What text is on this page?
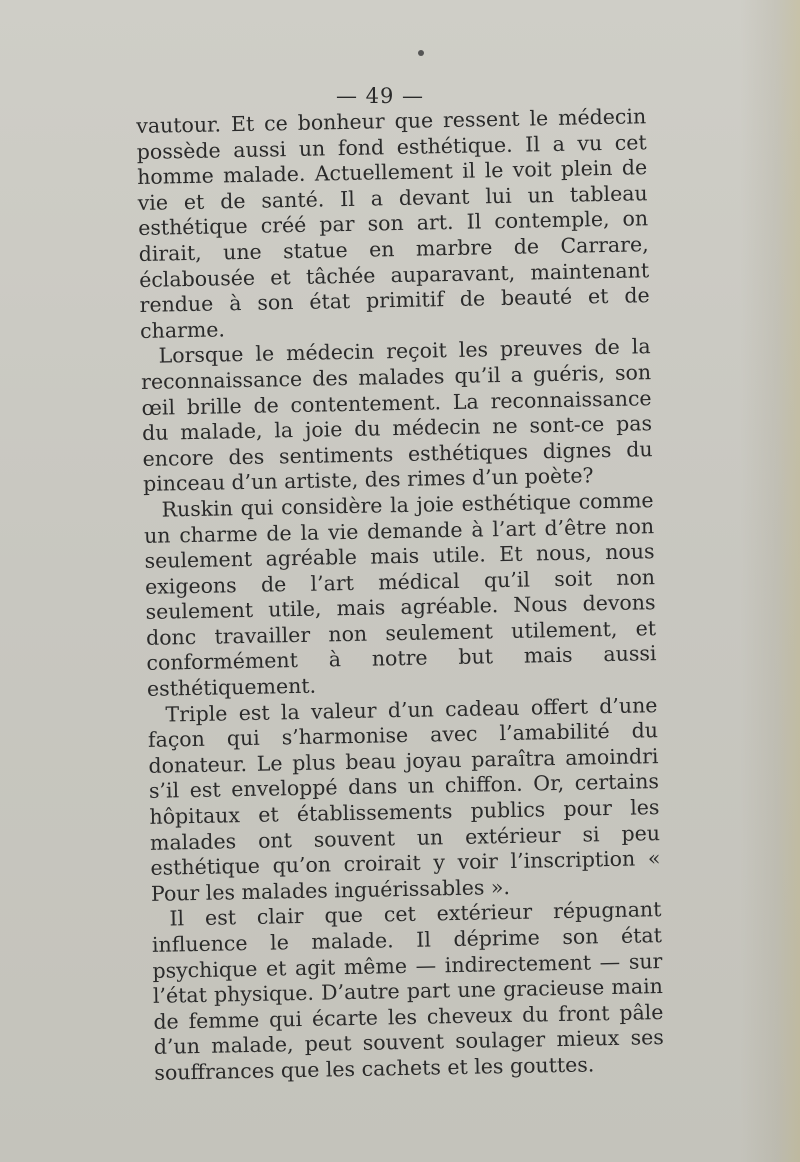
— 49 —

vautour. Et ce bonheur que ressent le médecin possède aussi un fond esthétique. Il a vu cet homme malade. Actuellement il le voit plein de vie et de santé. Il a devant lui un tableau esthétique créé par son art. Il contemple, on dirait, une statue en marbre de Carrare, éclabousée et tâchée auparavant, maintenant rendue à son état primitif de beauté et de charme.

Lorsque le médecin reçoit les preuves de la reconnaissance des malades qu’il a guéris, son œil brille de contentement. La reconnaissance du malade, la joie du médecin ne sont-ce pas encore des sentiments esthétiques dignes du pinceau d’un artiste, des rimes d’un poète?

Ruskin qui considère la joie esthétique comme un charme de la vie demande à l’art d’être non seulement agréable mais utile. Et nous, nous exigeons de l’art médical qu’il soit non seulement utile, mais agréable. Nous devons donc travailler non seulement utilement, et conformément à notre but mais aussi esthétiquement.

Triple est la valeur d’un cadeau offert d’une façon qui s’harmonise avec l’amabilité du donateur. Le plus beau joyau paraîtra amoindri s’il est enveloppé dans un chiffon. Or, certains hôpitaux et établissements publics pour les malades ont souvent un extérieur si peu esthétique qu’on croirait y voir l’inscription « Pour les malades inguérissables ».

Il est clair que cet extérieur répugnant influence le malade. Il déprime son état psychique et agit même — indirectement — sur l’état physique. D’autre part une gracieuse main de femme qui écarte les cheveux du front pâle d’un malade, peut souvent soulager mieux ses souffrances que les cachets et les gouttes.
